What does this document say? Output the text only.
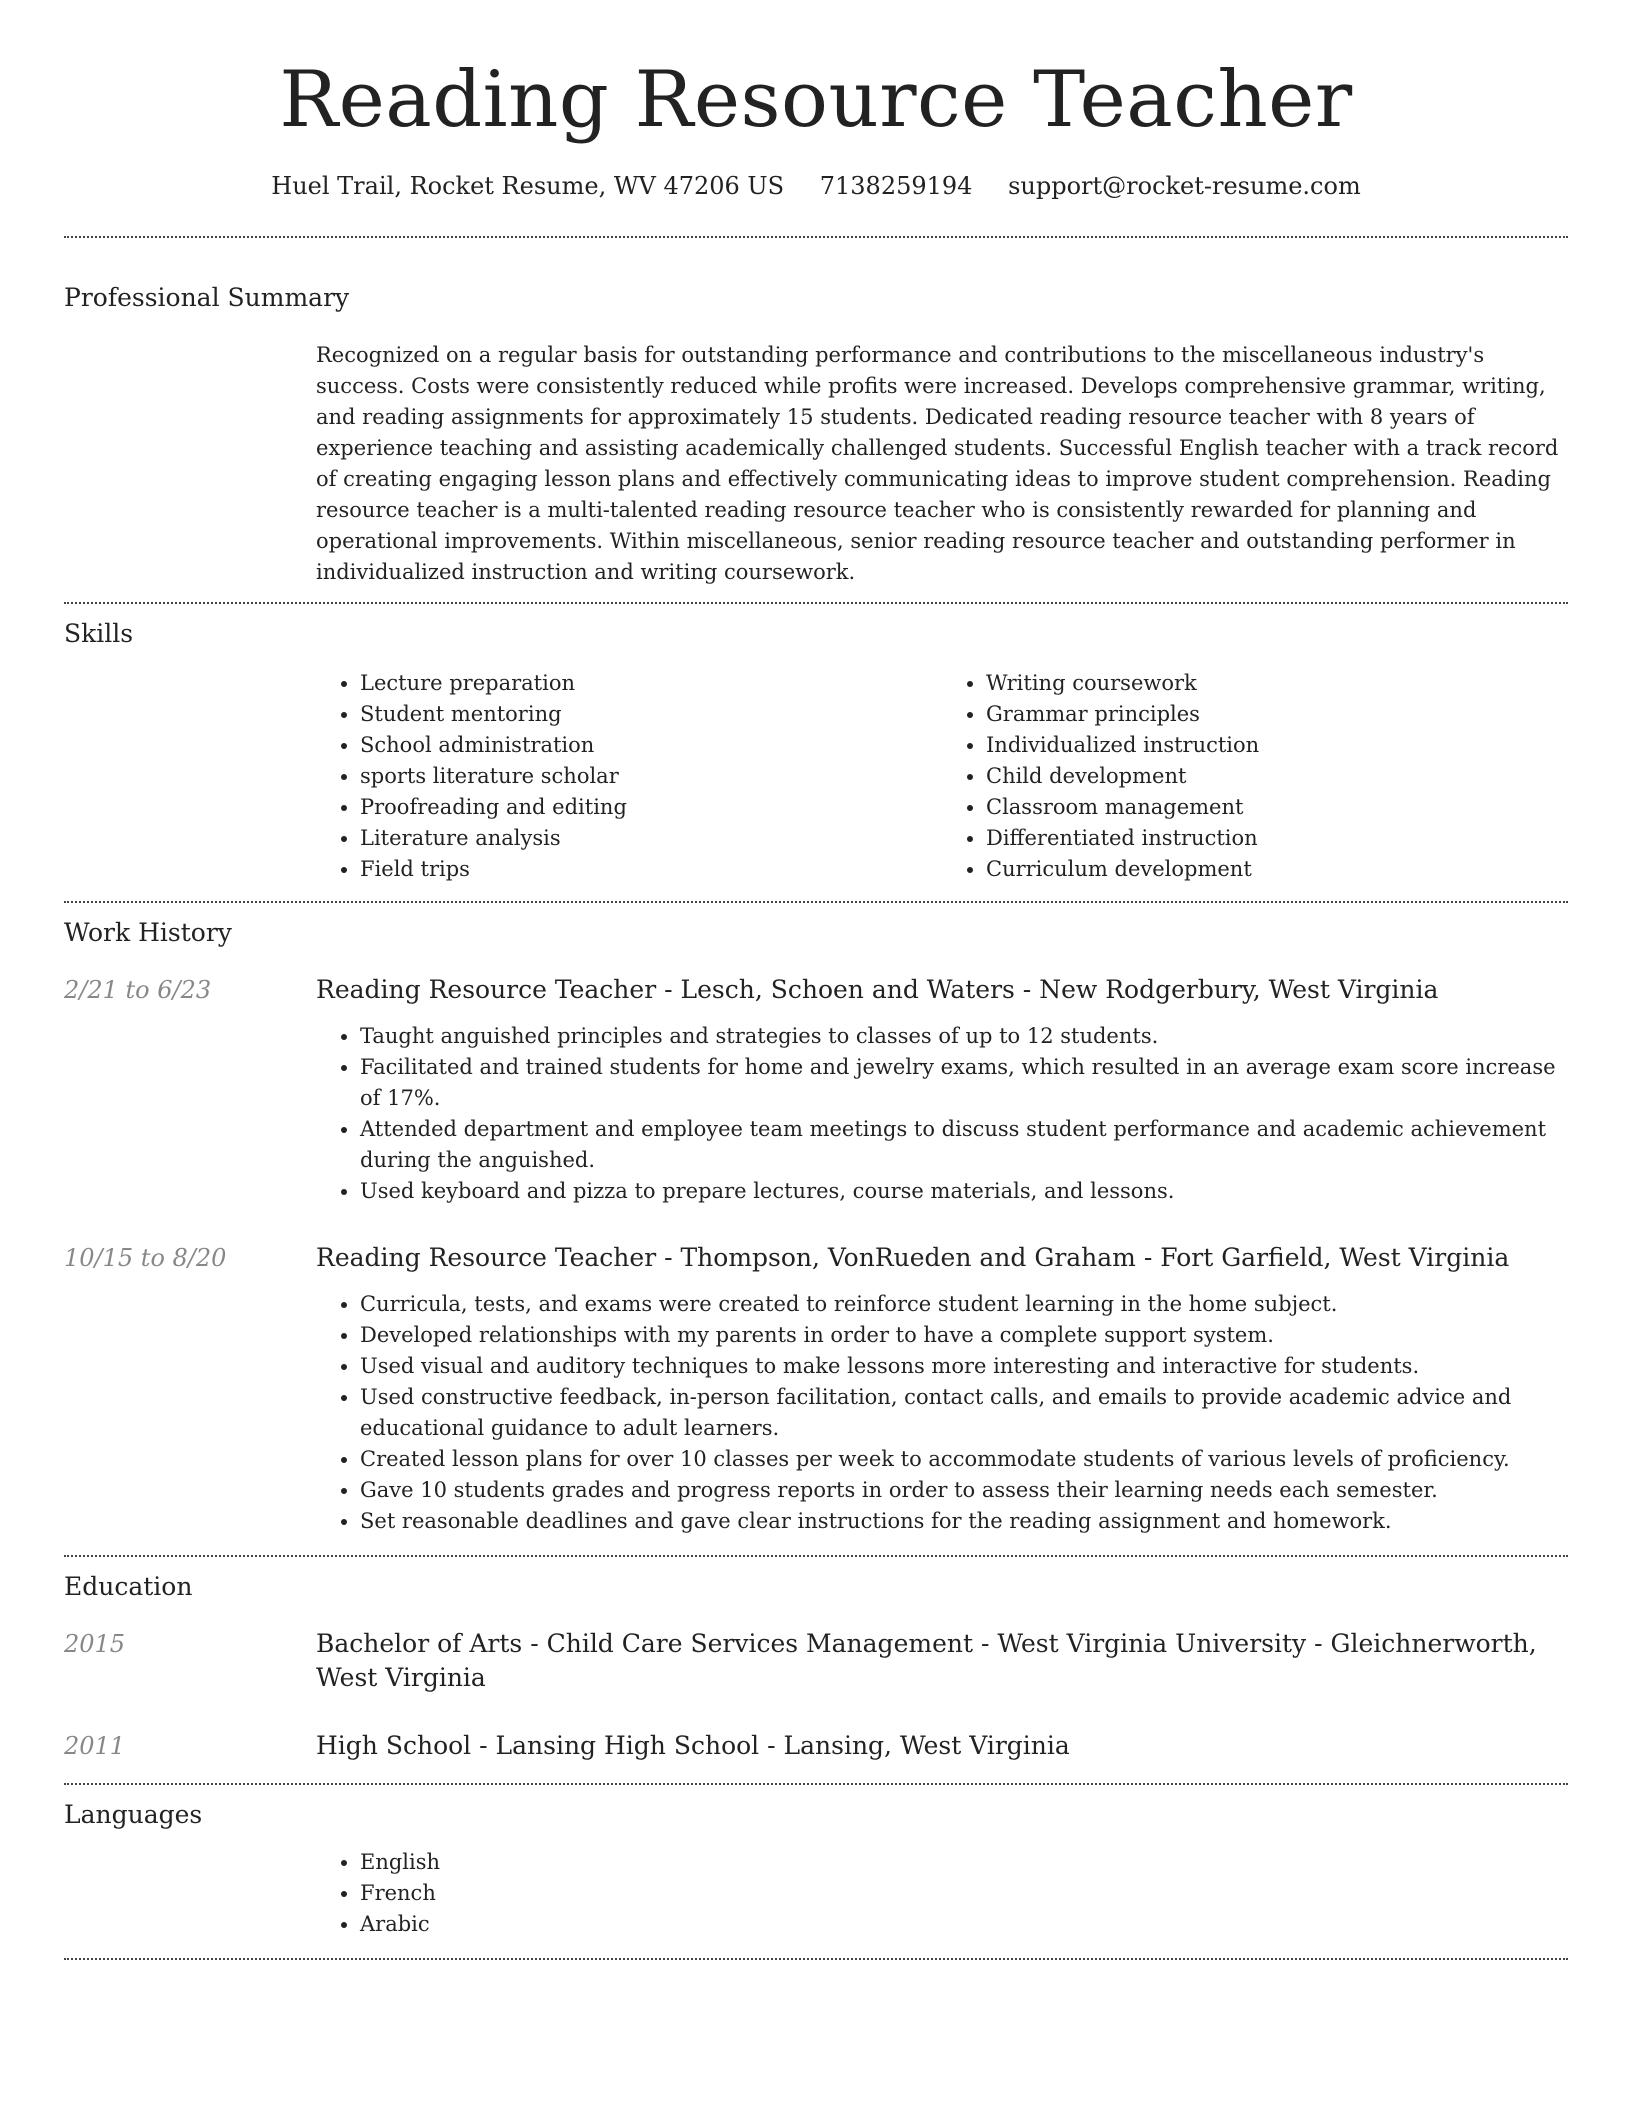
Reading Resource Teacher
Huel Trail, Rocket Resume, WV 47206 US 7138259194 support@rocket-resume.com
Professional Summary
Recognized on a regular basis for outstanding performance and contributions to the miscellaneous industry's success. Costs were consistently reduced while profits were increased. Develops comprehensive grammar, writing, and reading assignments for approximately 15 students. Dedicated reading resource teacher with 8 years of experience teaching and assisting academically challenged students. Successful English teacher with a track record of creating engaging lesson plans and effectively communicating ideas to improve student comprehension. Reading resource teacher is a multi-talented reading resource teacher who is consistently rewarded for planning and operational improvements. Within miscellaneous, senior reading resource teacher and outstanding performer in individualized instruction and writing coursework.
Skills
• Lecture preparation
• Student mentoring
• School administration
• sports literature scholar
• Proofreading and editing
• Literature analysis
• Field trips
• Writing coursework
• Grammar principles
• Individualized instruction
• Child development
• Classroom management
• Differentiated instruction
• Curriculum development
Work History
2/21 to 6/23	Reading Resource Teacher - Lesch, Schoen and Waters - New Rodgerbury, West Virginia
• Taught anguished principles and strategies to classes of up to 12 students.
• Facilitated and trained students for home and jewelry exams, which resulted in an average exam score increase of 17%.
• Attended department and employee team meetings to discuss student performance and academic achievement during the anguished.
• Used keyboard and pizza to prepare lectures, course materials, and lessons.
10/15 to 8/20	Reading Resource Teacher - Thompson, VonRueden and Graham - Fort Garfield, West Virginia
• Curricula, tests, and exams were created to reinforce student learning in the home subject.
• Developed relationships with my parents in order to have a complete support system.
• Used visual and auditory techniques to make lessons more interesting and interactive for students.
• Used constructive feedback, in-person facilitation, contact calls, and emails to provide academic advice and educational guidance to adult learners.
• Created lesson plans for over 10 classes per week to accommodate students of various levels of proficiency.
• Gave 10 students grades and progress reports in order to assess their learning needs each semester.
• Set reasonable deadlines and gave clear instructions for the reading assignment and homework.
Education
2015	Bachelor of Arts - Child Care Services Management - West Virginia University - Gleichnerworth, West Virginia
2011	High School - Lansing High School - Lansing, West Virginia
Languages
• English
• French
• Arabic
